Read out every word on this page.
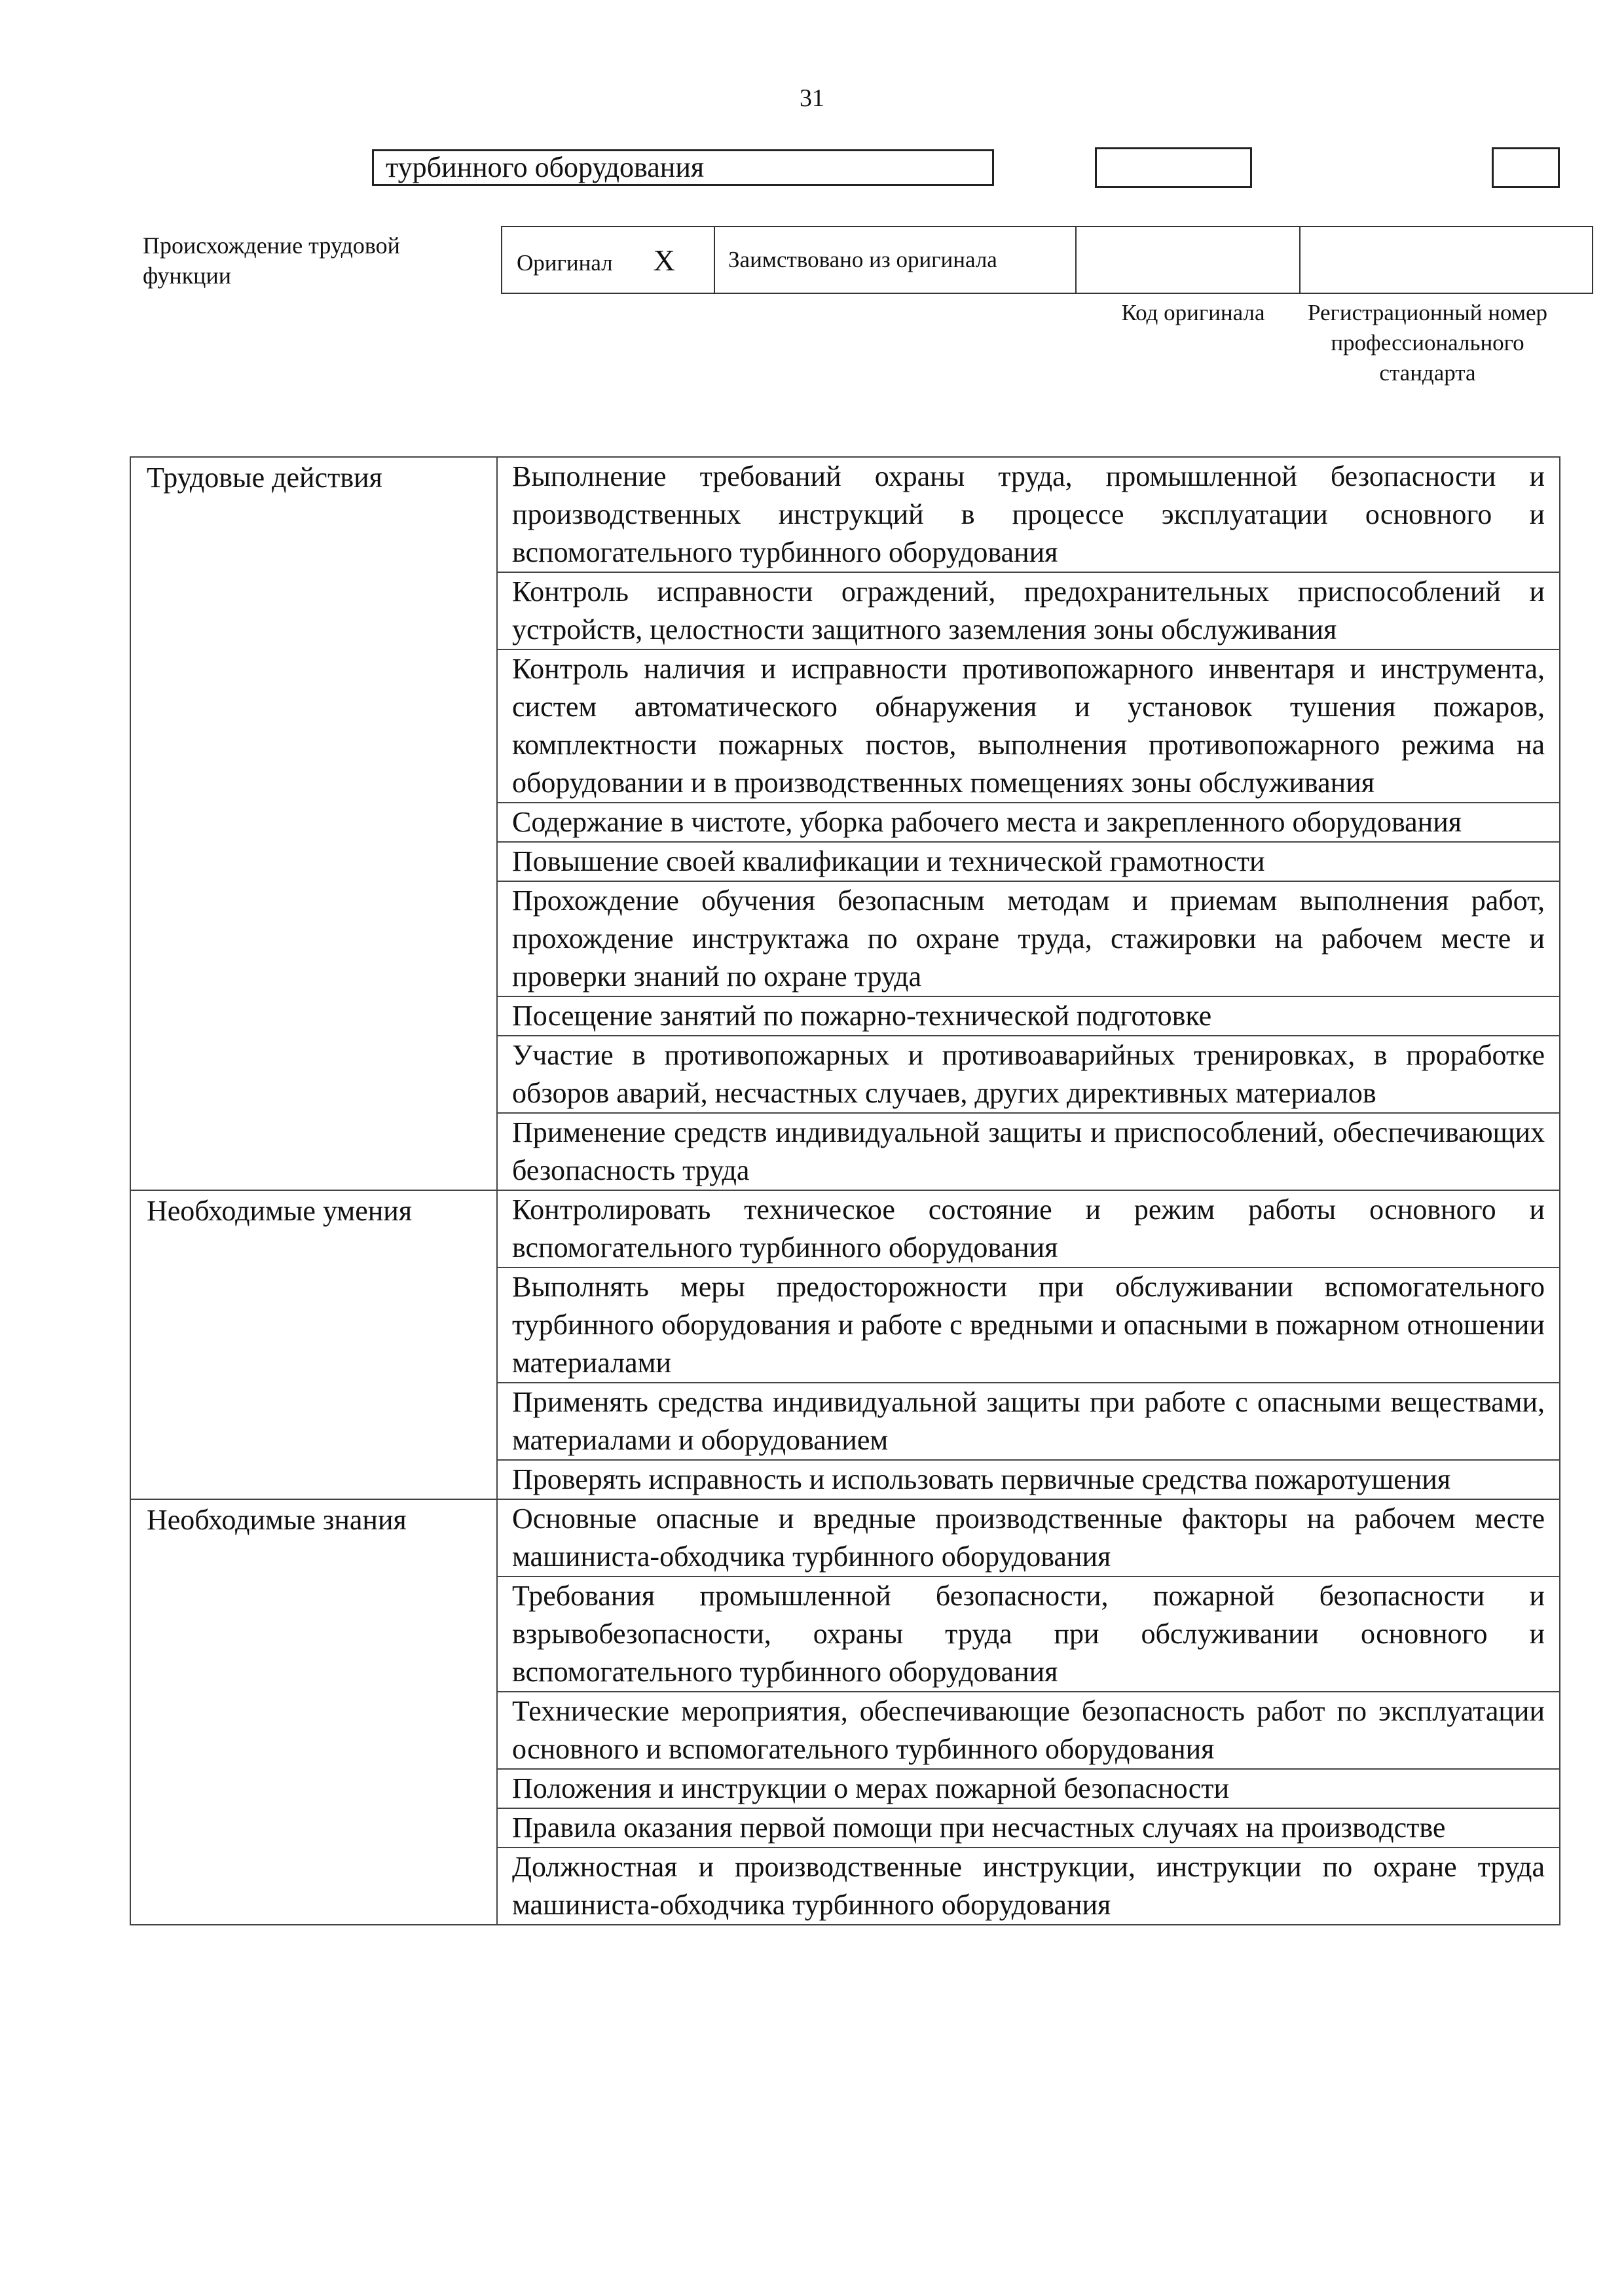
31
турбинного оборудования
Происхождение трудовой функции	Оригинал X	Заимствовано из оригинала		
Код оригинала	Регистрационный номер профессионального стандарта
Трудовые действия	Выполнение требований охраны труда, промышленной безопасности и производственных инструкций в процессе эксплуатации основного и вспомогательного турбинного оборудования
	Контроль исправности ограждений, предохранительных приспособлений и устройств, целостности защитного заземления зоны обслуживания
	Контроль наличия и исправности противопожарного инвентаря и инструмента, систем автоматического обнаружения и установок тушения пожаров, комплектности пожарных постов, выполнения противопожарного режима на оборудовании и в производственных помещениях зоны обслуживания
	Содержание в чистоте, уборка рабочего места и закрепленного оборудования
	Повышение своей квалификации и технической грамотности
	Прохождение обучения безопасным методам и приемам выполнения работ, прохождение инструктажа по охране труда, стажировки на рабочем месте и проверки знаний по охране труда
	Посещение занятий по пожарно-технической подготовке
	Участие в противопожарных и противоаварийных тренировках, в проработке обзоров аварий, несчастных случаев, других директивных материалов
	Применение средств индивидуальной защиты и приспособлений, обеспечивающих безопасность труда
Необходимые умения	Контролировать техническое состояние и режим работы основного и вспомогательного турбинного оборудования
	Выполнять меры предосторожности при обслуживании вспомогательного турбинного оборудования и работе с вредными и опасными в пожарном отношении материалами
	Применять средства индивидуальной защиты при работе с опасными веществами, материалами и оборудованием
	Проверять исправность и использовать первичные средства пожаротушения
Необходимые знания	Основные опасные и вредные производственные факторы на рабочем месте машиниста-обходчика турбинного оборудования
	Требования промышленной безопасности, пожарной безопасности и взрывобезопасности, охраны труда при обслуживании основного и вспомогательного турбинного оборудования
	Технические мероприятия, обеспечивающие безопасность работ по эксплуатации основного и вспомогательного турбинного оборудования
	Положения и инструкции о мерах пожарной безопасности
	Правила оказания первой помощи при несчастных случаях на производстве
	Должностная и производственные инструкции, инструкции по охране труда машиниста-обходчика турбинного оборудования
